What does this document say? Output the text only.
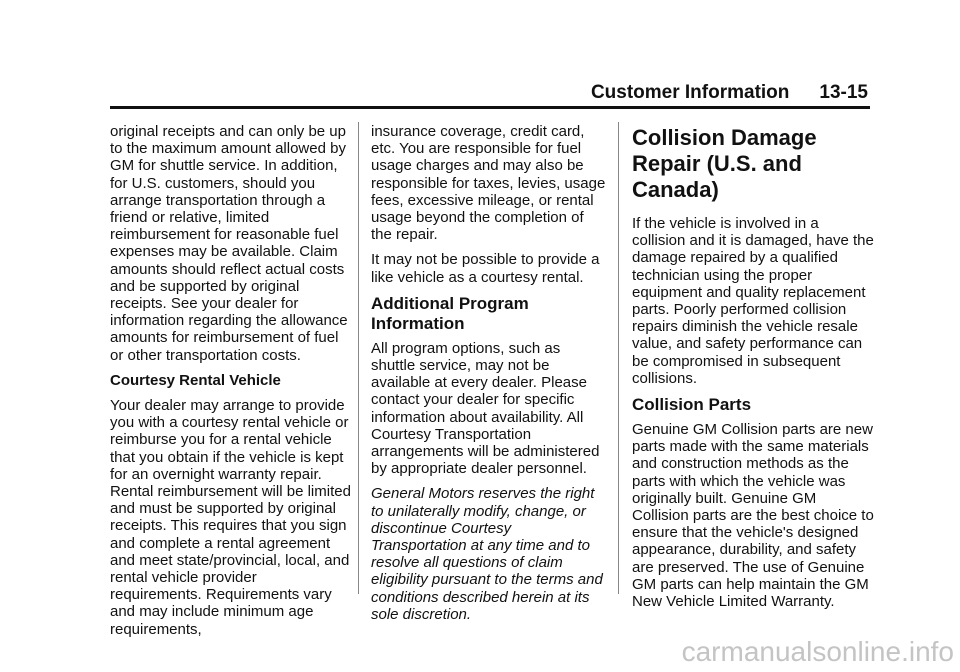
Customer Information 13-15

original receipts and can only be up to the maximum amount allowed by GM for shuttle service. In addition, for U.S. customers, should you arrange transportation through a friend or relative, limited reimbursement for reasonable fuel expenses may be available. Claim amounts should reflect actual costs and be supported by original receipts. See your dealer for information regarding the allowance amounts for reimbursement of fuel or other transportation costs.

Courtesy Rental Vehicle

Your dealer may arrange to provide you with a courtesy rental vehicle or reimburse you for a rental vehicle that you obtain if the vehicle is kept for an overnight warranty repair. Rental reimbursement will be limited and must be supported by original receipts. This requires that you sign and complete a rental agreement and meet state/provincial, local, and rental vehicle provider requirements. Requirements vary and may include minimum age requirements,

insurance coverage, credit card, etc. You are responsible for fuel usage charges and may also be responsible for taxes, levies, usage fees, excessive mileage, or rental usage beyond the completion of the repair.

It may not be possible to provide a like vehicle as a courtesy rental.

Additional Program Information

All program options, such as shuttle service, may not be available at every dealer. Please contact your dealer for specific information about availability. All Courtesy Transportation arrangements will be administered by appropriate dealer personnel.

General Motors reserves the right to unilaterally modify, change, or discontinue Courtesy Transportation at any time and to resolve all questions of claim eligibility pursuant to the terms and conditions described herein at its sole discretion.

Collision Damage Repair (U.S. and Canada)

If the vehicle is involved in a collision and it is damaged, have the damage repaired by a qualified technician using the proper equipment and quality replacement parts. Poorly performed collision repairs diminish the vehicle resale value, and safety performance can be compromised in subsequent collisions.

Collision Parts

Genuine GM Collision parts are new parts made with the same materials and construction methods as the parts with which the vehicle was originally built. Genuine GM Collision parts are the best choice to ensure that the vehicle's designed appearance, durability, and safety are preserved. The use of Genuine GM parts can help maintain the GM New Vehicle Limited Warranty.

carmanualsonline.info
